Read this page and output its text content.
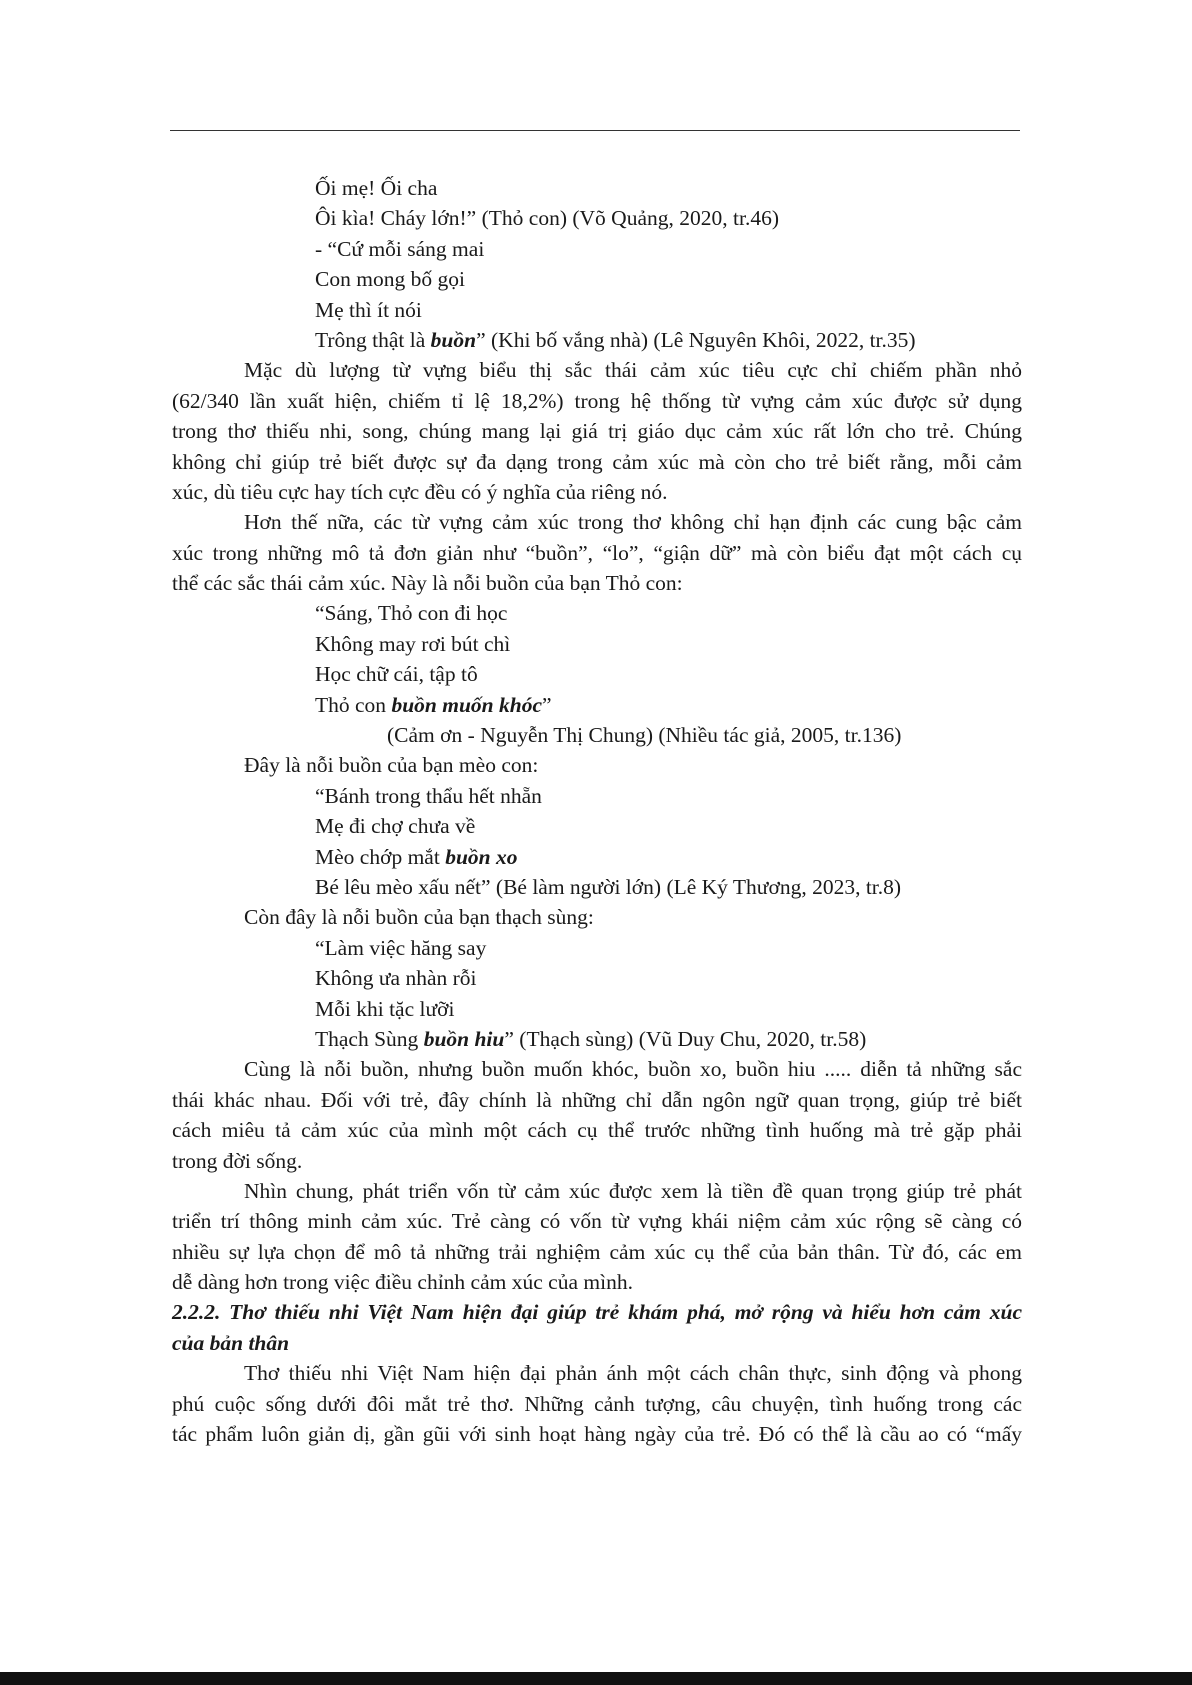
Ối mẹ! Ối cha
Ôi kìa! Cháy lớn!” (Thỏ con) (Võ Quảng, 2020, tr.46)
- “Cứ mỗi sáng mai
Con mong bố gọi
Mẹ thì ít nói
Trông thật là buồn” (Khi bố vắng nhà) (Lê Nguyên Khôi, 2022, tr.35)
Mặc dù lượng từ vựng biểu thị sắc thái cảm xúc tiêu cực chỉ chiếm phần nhỏ
(62/340 lần xuất hiện, chiếm tỉ lệ 18,2%) trong hệ thống từ vựng cảm xúc được sử dụng
trong thơ thiếu nhi, song, chúng mang lại giá trị giáo dục cảm xúc rất lớn cho trẻ. Chúng
không chỉ giúp trẻ biết được sự đa dạng trong cảm xúc mà còn cho trẻ biết rằng, mỗi cảm
xúc, dù tiêu cực hay tích cực đều có ý nghĩa của riêng nó.
Hơn thế nữa, các từ vựng cảm xúc trong thơ không chỉ hạn định các cung bậc cảm
xúc trong những mô tả đơn giản như “buồn”, “lo”, “giận dữ” mà còn biểu đạt một cách cụ
thể các sắc thái cảm xúc. Này là nỗi buồn của bạn Thỏ con:
“Sáng, Thỏ con đi học
Không may rơi bút chì
Học chữ cái, tập tô
Thỏ con buồn muốn khóc”
(Cảm ơn - Nguyễn Thị Chung) (Nhiều tác giả, 2005, tr.136)
Đây là nỗi buồn của bạn mèo con:
“Bánh trong thẩu hết nhẵn
Mẹ đi chợ chưa về
Mèo chớp mắt buồn xo
Bé lêu mèo xấu nết” (Bé làm người lớn) (Lê Ký Thương, 2023, tr.8)
Còn đây là nỗi buồn của bạn thạch sùng:
“Làm việc hăng say
Không ưa nhàn rỗi
Mỗi khi tặc lưỡi
Thạch Sùng buồn hiu” (Thạch sùng) (Vũ Duy Chu, 2020, tr.58)
Cùng là nỗi buồn, nhưng buồn muốn khóc, buồn xo, buồn hiu ..... diễn tả những sắc
thái khác nhau. Đối với trẻ, đây chính là những chỉ dẫn ngôn ngữ quan trọng, giúp trẻ biết
cách miêu tả cảm xúc của mình một cách cụ thể trước những tình huống mà trẻ gặp phải
trong đời sống.
Nhìn chung, phát triển vốn từ cảm xúc được xem là tiền đề quan trọng giúp trẻ phát
triển trí thông minh cảm xúc. Trẻ càng có vốn từ vựng khái niệm cảm xúc rộng sẽ càng có
nhiều sự lựa chọn để mô tả những trải nghiệm cảm xúc cụ thể của bản thân. Từ đó, các em
dễ dàng hơn trong việc điều chỉnh cảm xúc của mình.
2.2.2. Thơ thiếu nhi Việt Nam hiện đại giúp trẻ khám phá, mở rộng và hiểu hơn cảm xúc
của bản thân
Thơ thiếu nhi Việt Nam hiện đại phản ánh một cách chân thực, sinh động và phong
phú cuộc sống dưới đôi mắt trẻ thơ. Những cảnh tượng, câu chuyện, tình huống trong các
tác phẩm luôn giản dị, gần gũi với sinh hoạt hàng ngày của trẻ. Đó có thể là cầu ao có “mấy
